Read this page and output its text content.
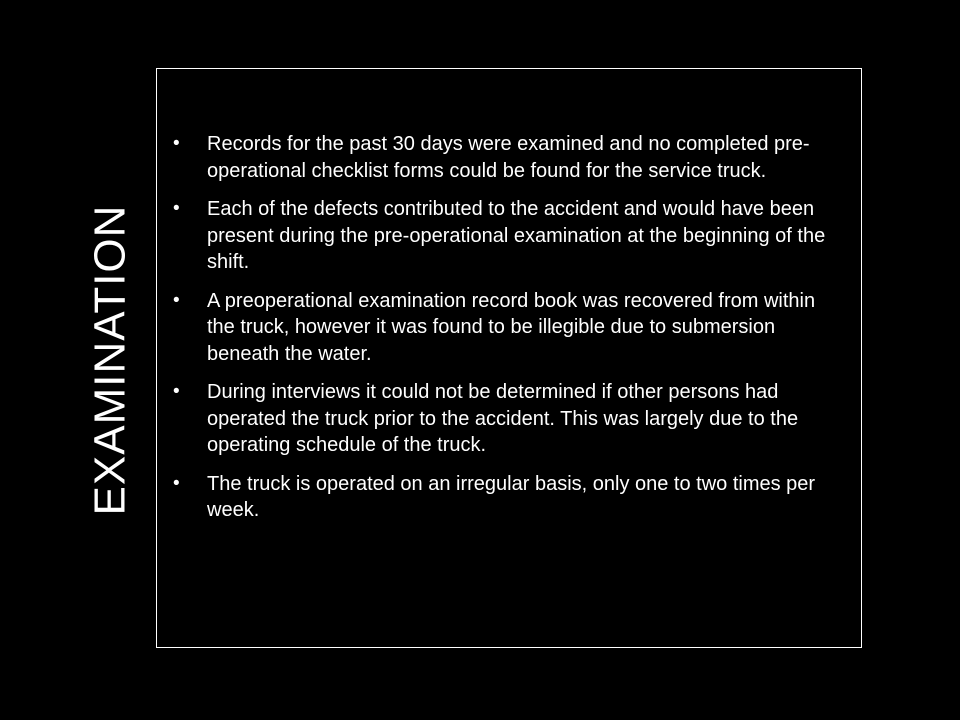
EXAMINATION
•	Records for the past 30 days were examined and no completed pre-operational checklist forms could be found for the service truck.
•	Each of the defects contributed to the accident and would have been present during the pre-operational examination at the beginning of the shift.
•	A preoperational examination record book was recovered from within the truck, however it was found to be illegible due to submersion beneath the water.
•	During interviews it could not be determined if other persons had operated the truck prior to the accident. This was largely due to the operating schedule of the truck.
•	The truck is operated on an irregular basis, only one to two times per week.
